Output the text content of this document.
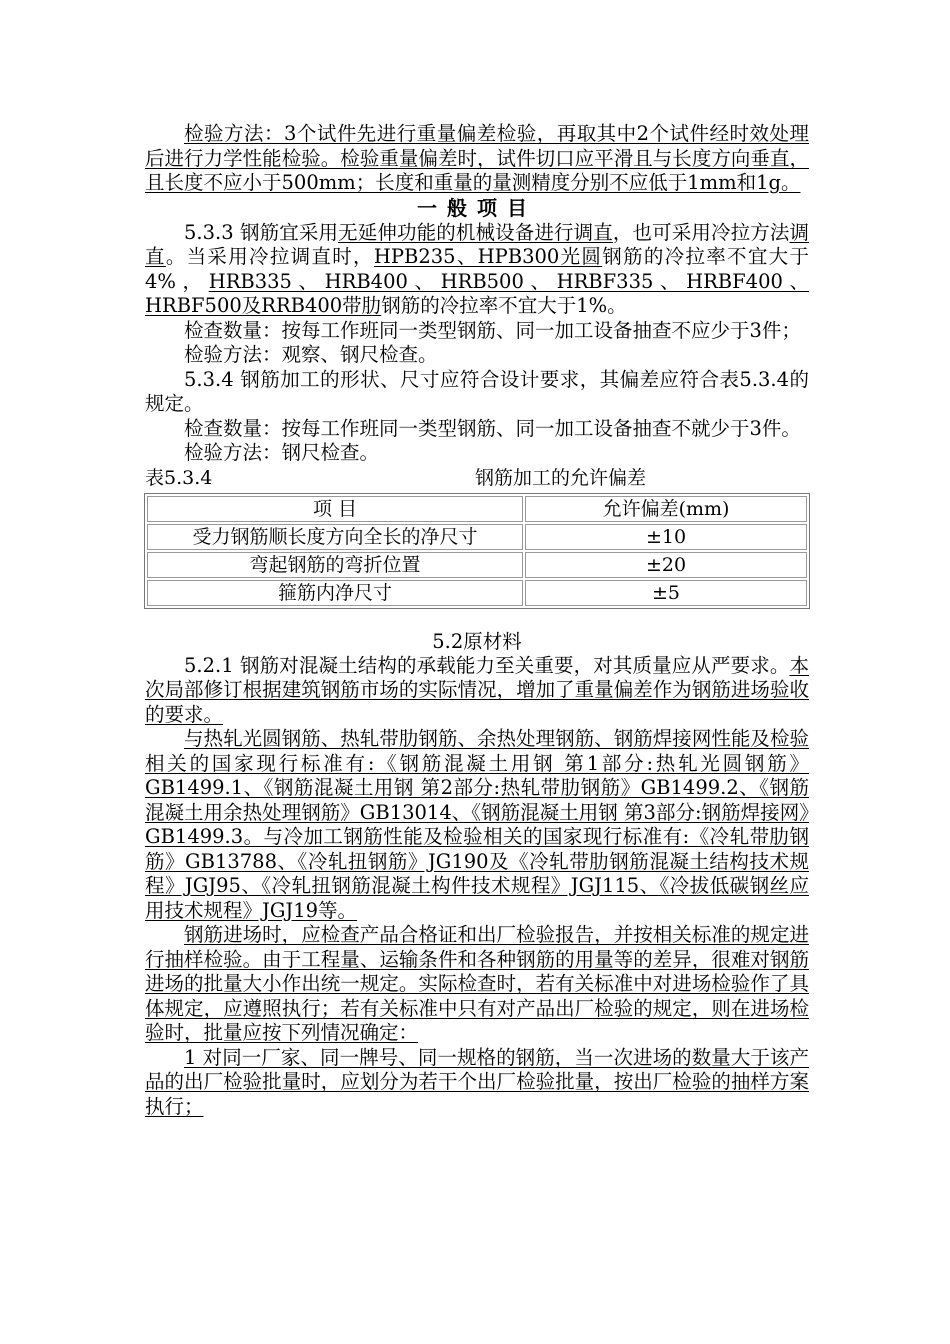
检验方法：3个试件先进行重量偏差检验，再取其中2个试件经时效处理后进行力学性能检验。检验重量偏差时，试件切口应平滑且与长度方向垂直，且长度不应小于500mm；长度和重量的量测精度分别不应低于1mm和1g。

一般项目

5.3.3 钢筋宜采用无延伸功能的机械设备进行调直，也可采用冷拉方法调直。当采用冷拉调直时，HPB235、HPB300光圆钢筋的冷拉率不宜大于4%，HRB335、HRB400、HRB500、HRBF335、HRBF400、HRBF500及RRB400带肋钢筋的冷拉率不宜大于1%。

检查数量：按每工作班同一类型钢筋、同一加工设备抽查不应少于3件；

检验方法：观察、钢尺检查。

5.3.4 钢筋加工的形状、尺寸应符合设计要求，其偏差应符合表5.3.4的规定。

检查数量：按每工作班同一类型钢筋、同一加工设备抽查不就少于3件。

检验方法：钢尺检查。

表5.3.4	钢筋加工的允许偏差
项 目	允许偏差(mm)
受力钢筋顺长度方向全长的净尺寸	±10
弯起钢筋的弯折位置	±20
箍筋内净尺寸	±5

5.2原材料

5.2.1 钢筋对混凝土结构的承载能力至关重要，对其质量应从严要求。本次局部修订根据建筑钢筋市场的实际情况，增加了重量偏差作为钢筋进场验收的要求。

与热轧光圆钢筋、热轧带肋钢筋、余热处理钢筋、钢筋焊接网性能及检验相关的国家现行标准有:《钢筋混凝土用钢 第1部分:热轧光圆钢筋》GB1499.1、《钢筋混凝土用钢 第2部分:热轧带肋钢筋》GB1499.2、《钢筋混凝土用余热处理钢筋》GB13014、《钢筋混凝土用钢 第3部分:钢筋焊接网》GB1499.3。与冷加工钢筋性能及检验相关的国家现行标准有:《冷轧带肋钢筋》GB13788、《冷轧扭钢筋》JG190及《冷轧带肋钢筋混凝土结构技术规程》JGJ95、《冷轧扭钢筋混凝土构件技术规程》JGJ115、《冷拔低碳钢丝应用技术规程》JGJ19等。

钢筋进场时，应检查产品合格证和出厂检验报告，并按相关标准的规定进行抽样检验。由于工程量、运输条件和各种钢筋的用量等的差异，很难对钢筋进场的批量大小作出统一规定。实际检查时，若有关标准中对进场检验作了具体规定，应遵照执行；若有关标准中只有对产品出厂检验的规定，则在进场检验时，批量应按下列情况确定：

1 对同一厂家、同一牌号、同一规格的钢筋，当一次进场的数量大于该产品的出厂检验批量时，应划分为若干个出厂检验批量，按出厂检验的抽样方案执行；
